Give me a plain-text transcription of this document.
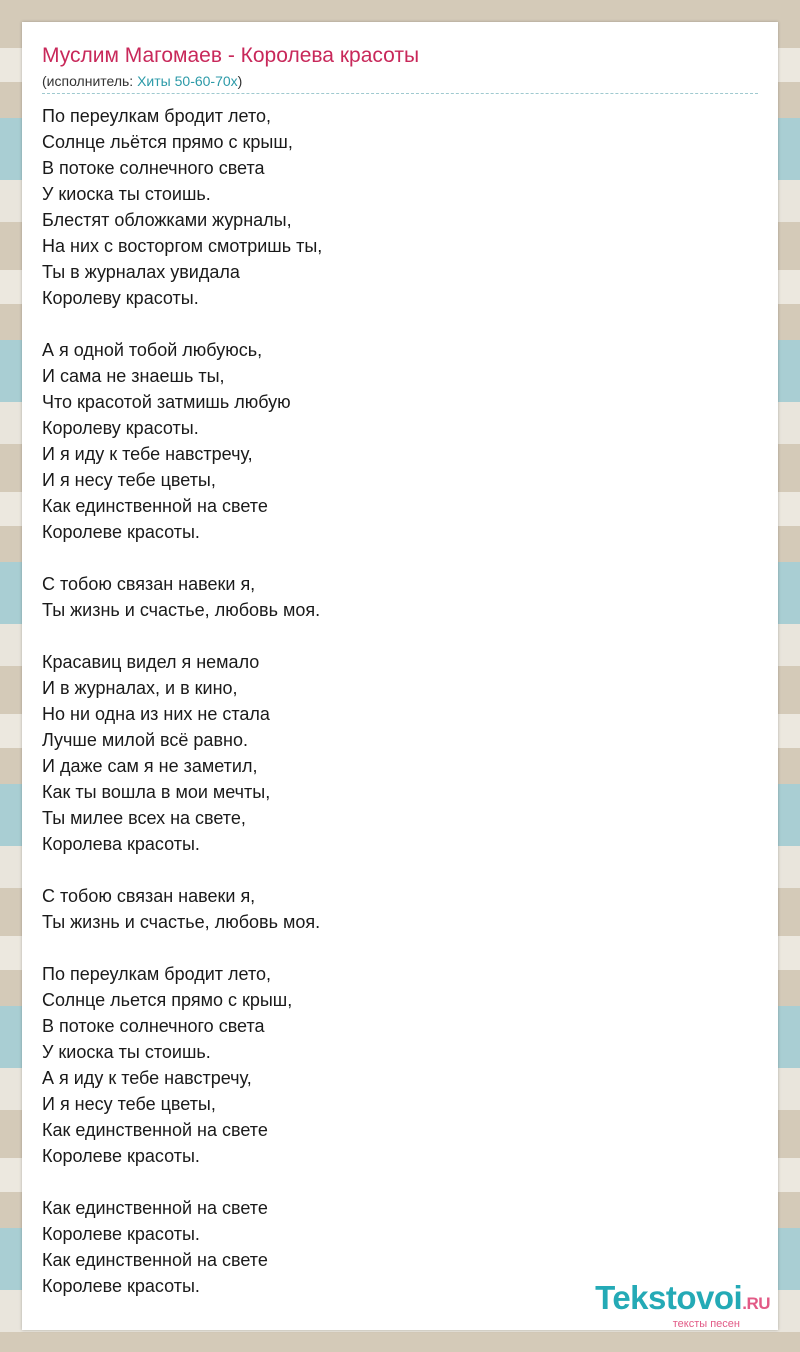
Муслим Магомаев - Королева красоты
(исполнитель: Хиты 50-60-70х)
По переулкам бродит лето,
Солнце льётся прямо с крыш,
В потоке солнечного света
У киоска ты стоишь.
Блестят обложками журналы,
На них с восторгом смотришь ты,
Ты в журналах увидала
Королеву красоты.
А я одной тобой любуюсь,
И сама не знаешь ты,
Что красотой затмишь любую
Королеву красоты.
И я иду к тебе навстречу,
И я несу тебе цветы,
Как единственной на свете
Королеве красоты.
С тобою связан навеки я,
Ты жизнь и счастье, любовь моя.
Красавиц видел я немало
И в журналах, и в кино,
Но ни одна из них не стала
Лучше милой всё равно.
И даже сам я не заметил,
Как ты вошла в мои мечты,
Ты милее всех на свете,
Королева красоты.
С тобою связан навеки я,
Ты жизнь и счастье, любовь моя.
По переулкам бродит лето,
Солнце льется прямо с крыш,
В потоке солнечного света
У киоска ты стоишь.
А я иду к тебе навстречу,
И я несу тебе цветы,
Как единственной на свете
Королеве красоты.
Как единственной на свете
Королеве красоты.
Как единственной на свете
Королеве красоты.	Tekstovoi.RU
тексты песен
